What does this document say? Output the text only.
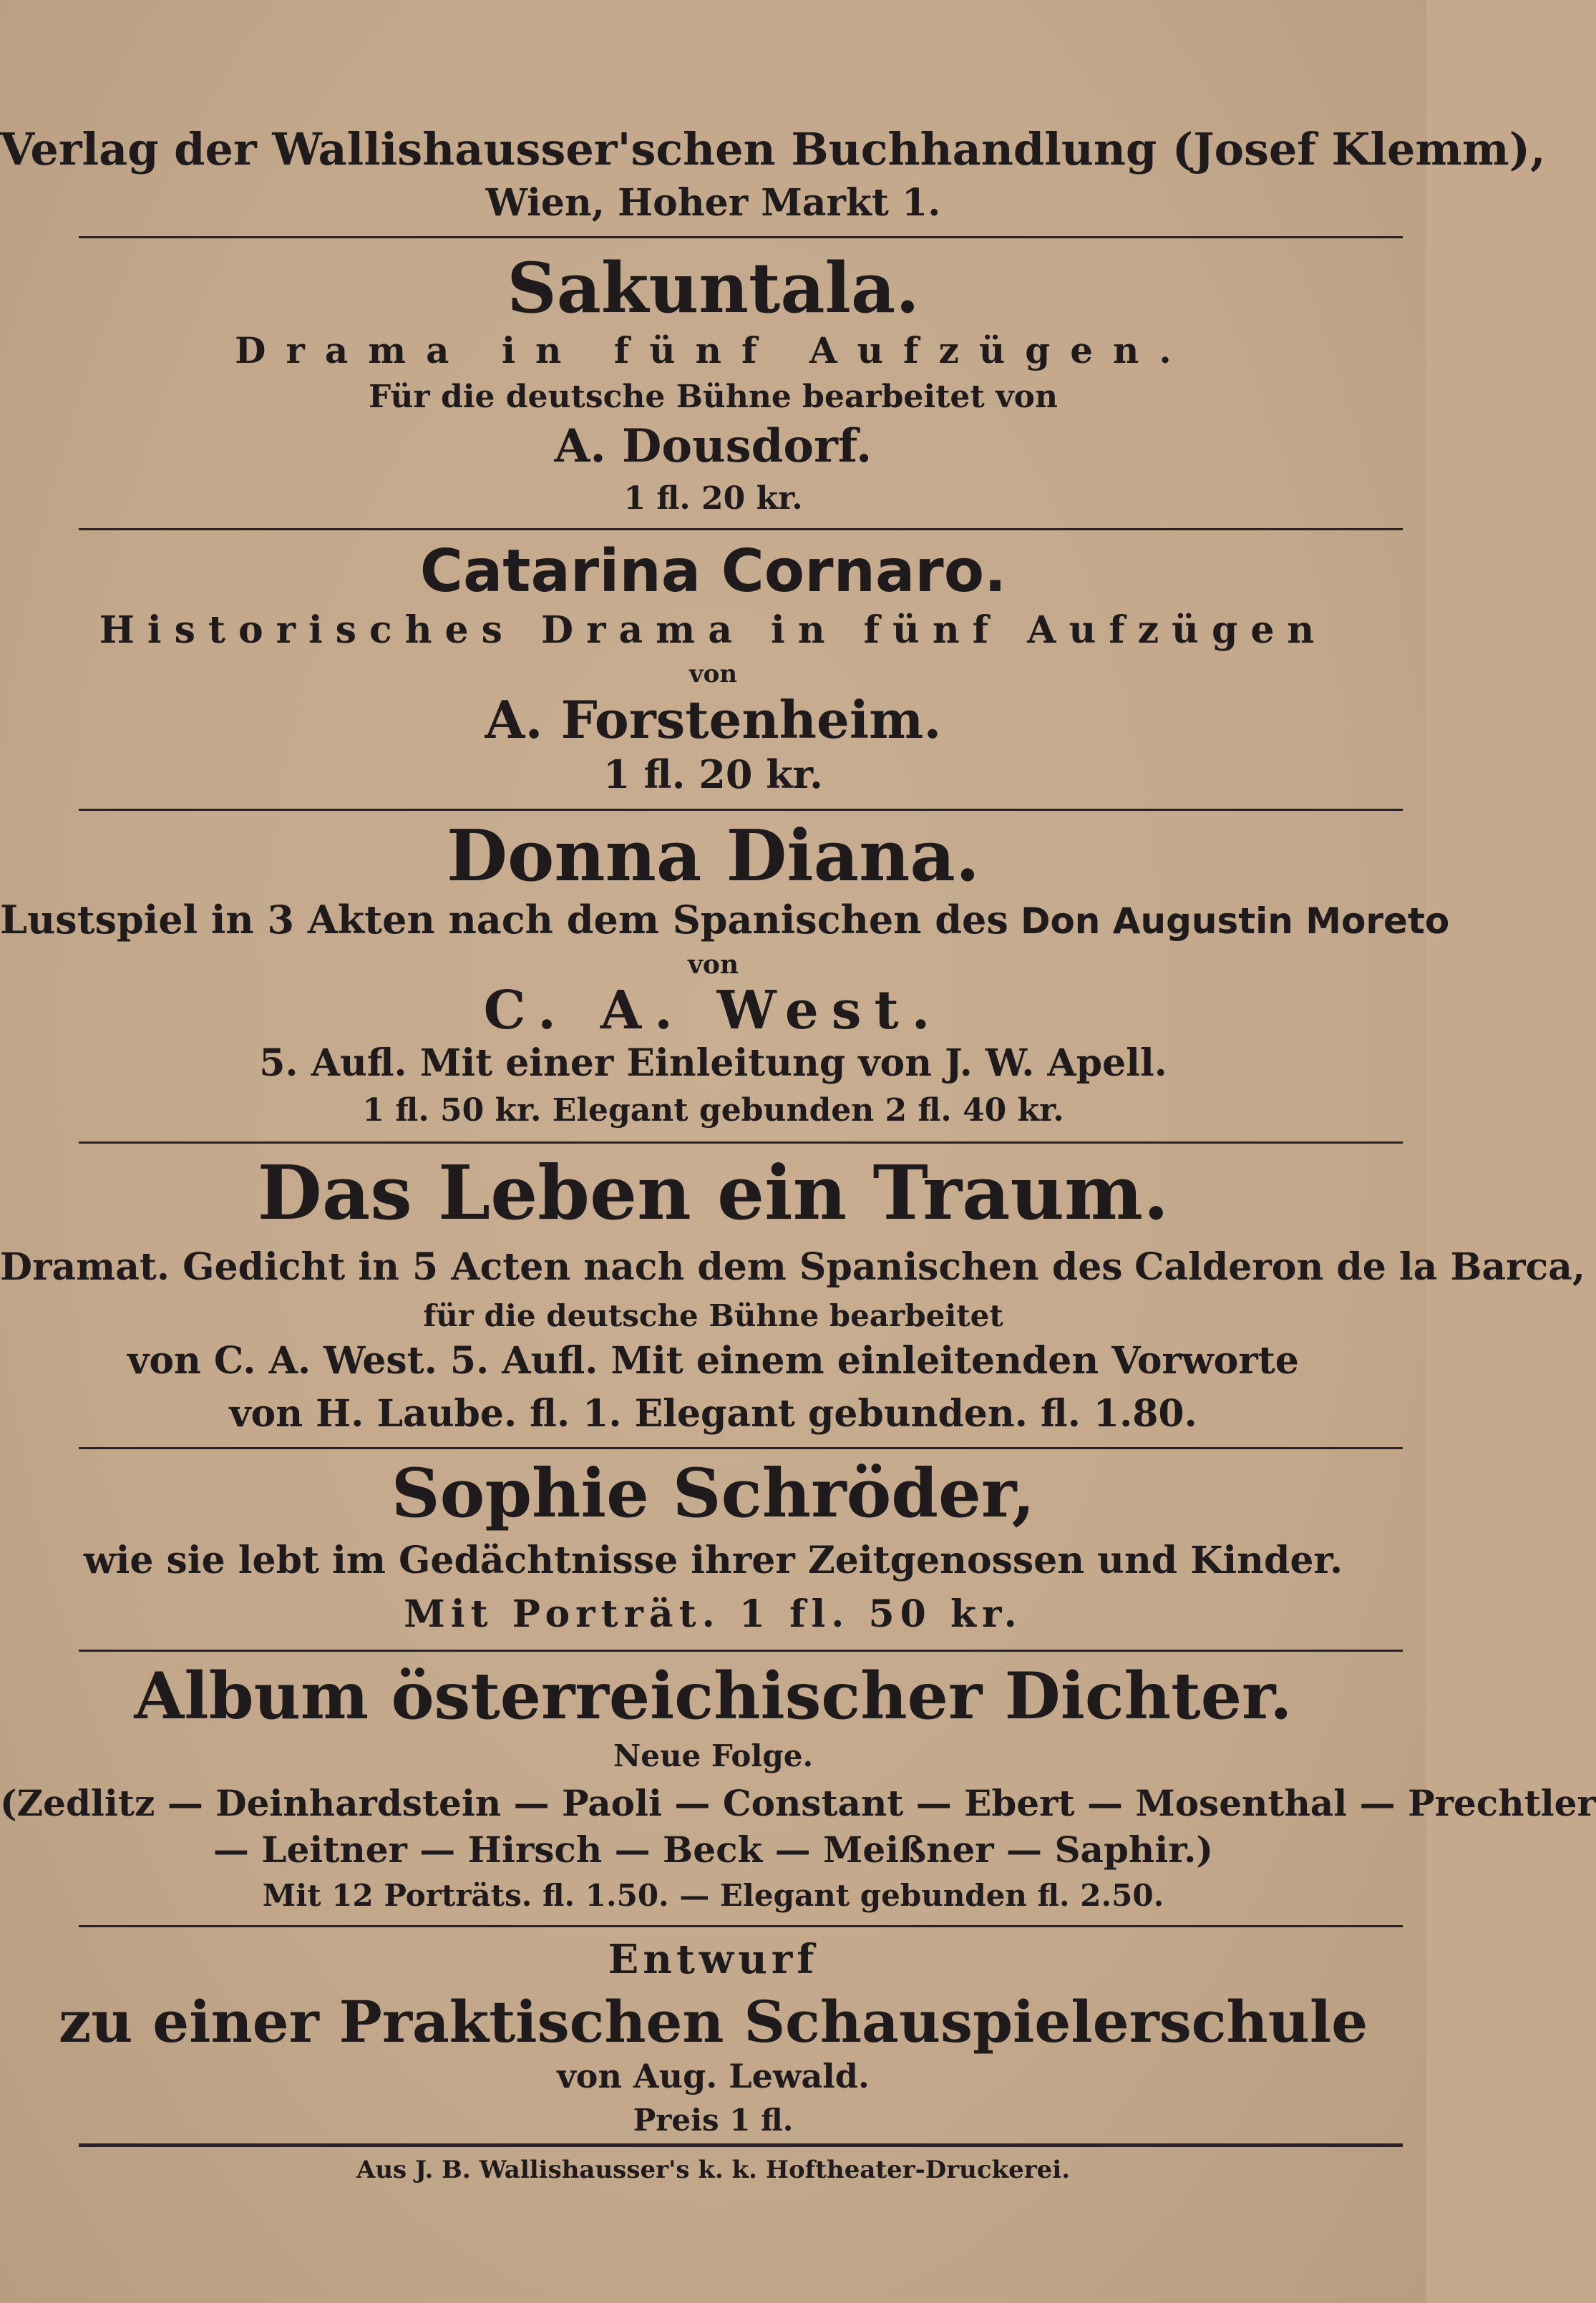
Verlag der Wallishausser'schen Buchhandlung (Josef Klemm),
Wien, Hoher Markt 1.
Sakuntala.
Drama in fünf Aufzügen.
Für die deutsche Bühne bearbeitet von
A. Dousdorf.
1 fl. 20 kr.
Catarina Cornaro.
Historisches Drama in fünf Aufzügen
von
A. Forstenheim.
1 fl. 20 kr.
Donna Diana.
Lustspiel in 3 Akten nach dem Spanischen des Don Augustin Moreto
von
C. A. West.
5. Aufl. Mit einer Einleitung von J. W. Apell.
1 fl. 50 kr. Elegant gebunden 2 fl. 40 kr.
Das Leben ein Traum.
Dramat. Gedicht in 5 Acten nach dem Spanischen des Calderon de la Barca,
für die deutsche Bühne bearbeitet
von C. A. West. 5. Aufl. Mit einem einleitenden Vorworte
von H. Laube. fl. 1. Elegant gebunden. fl. 1.80.
Sophie Schröder,
wie sie lebt im Gedächtnisse ihrer Zeitgenossen und Kinder.
Mit Porträt. 1 fl. 50 kr.
Album österreichischer Dichter.
Neue Folge.
(Zedlitz — Deinhardstein — Paoli — Constant — Ebert — Mosenthal — Prechtler
— Leitner — Hirsch — Beck — Meißner — Saphir.)
Mit 12 Porträts. fl. 1.50. — Elegant gebunden fl. 2.50.
Entwurf
zu einer Praktischen Schauspielerschule
von Aug. Lewald.
Preis 1 fl.
Aus J. B. Wallishausser's k. k. Hoftheater-Druckerei.
